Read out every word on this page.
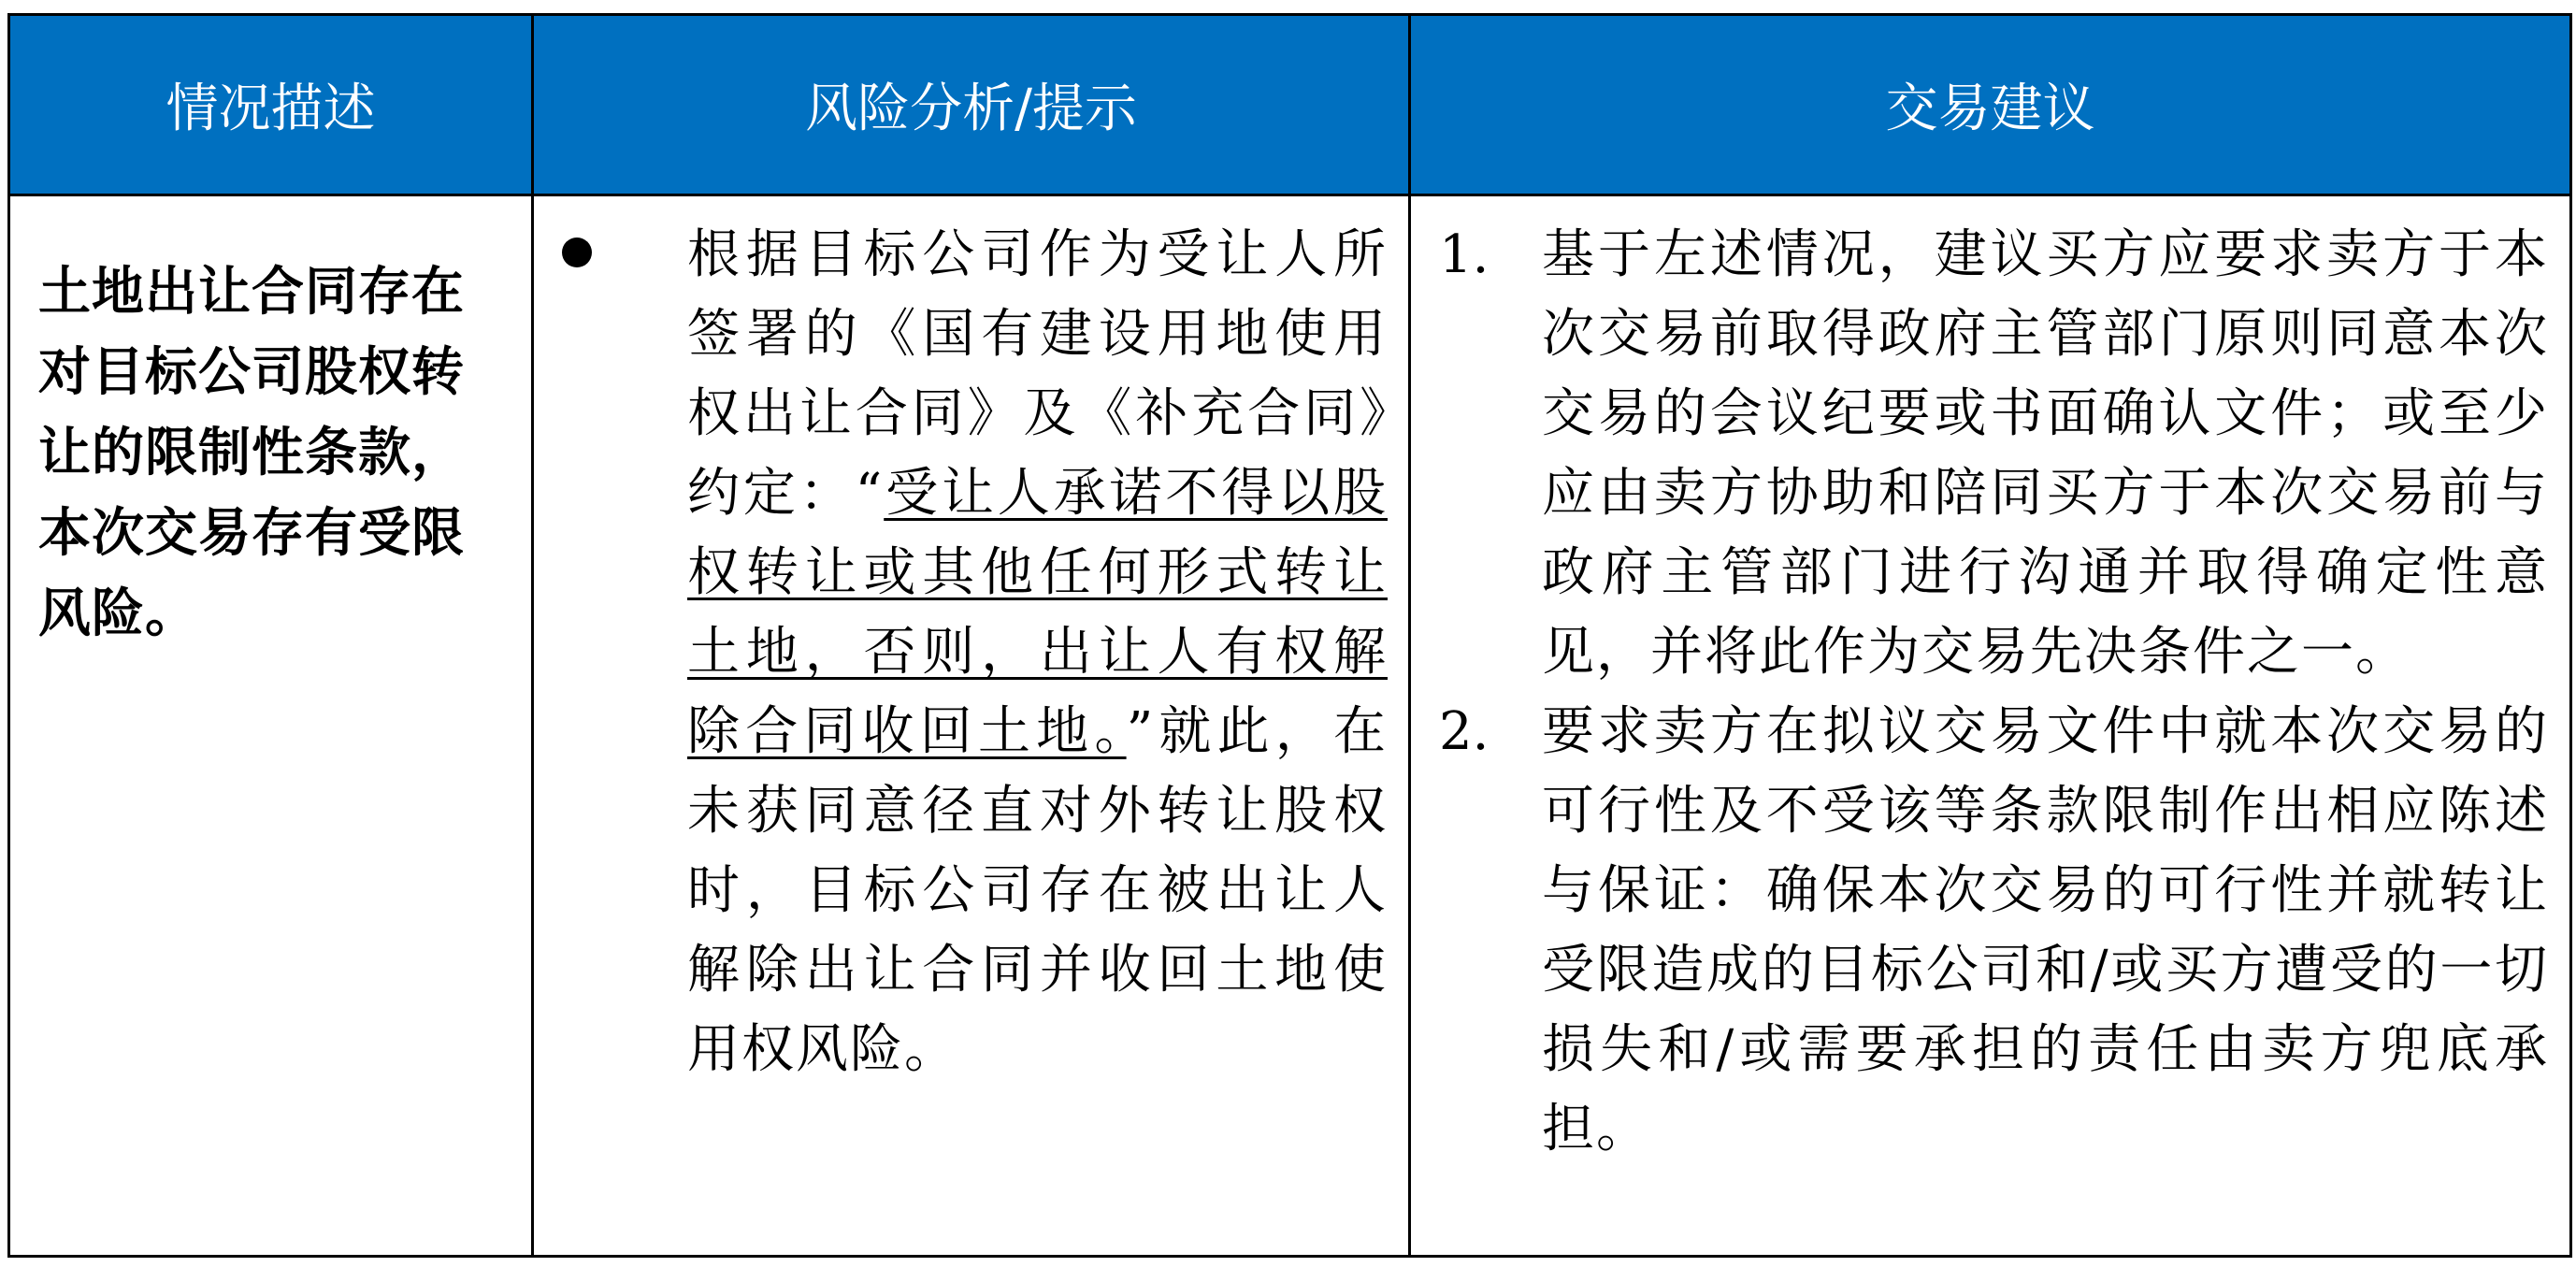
情况描述	风险分析/提示	交易建议

土地出让合同存在对目标公司股权转让的限制性条款，本次交易存有受限风险。	根据目标公司作为受让人所签署的《国有建设用地使用权出让合同》及《补充合同》约定：“受让人承诺不得以股权转让或其他任何形式转让土地，否则，出让人有权解除合同收回土地。”就此，在未获同意径直对外转让股权时，目标公司存在被出让人解除出让合同并收回土地使用权风险。	1. 基于左述情况，建议买方应要求卖方于本次交易前取得政府主管部门原则同意本次交易的会议纪要或书面确认文件；或至少应由卖方协助和陪同买方于本次交易前与政府主管部门进行沟通并取得确定性意见，并将此作为交易先决条件之一。
2. 要求卖方在拟议交易文件中就本次交易的可行性及不受该等条款限制作出相应陈述与保证：确保本次交易的可行性并就转让受限造成的目标公司和/或买方遭受的一切损失和/或需要承担的责任由卖方兜底承担。
